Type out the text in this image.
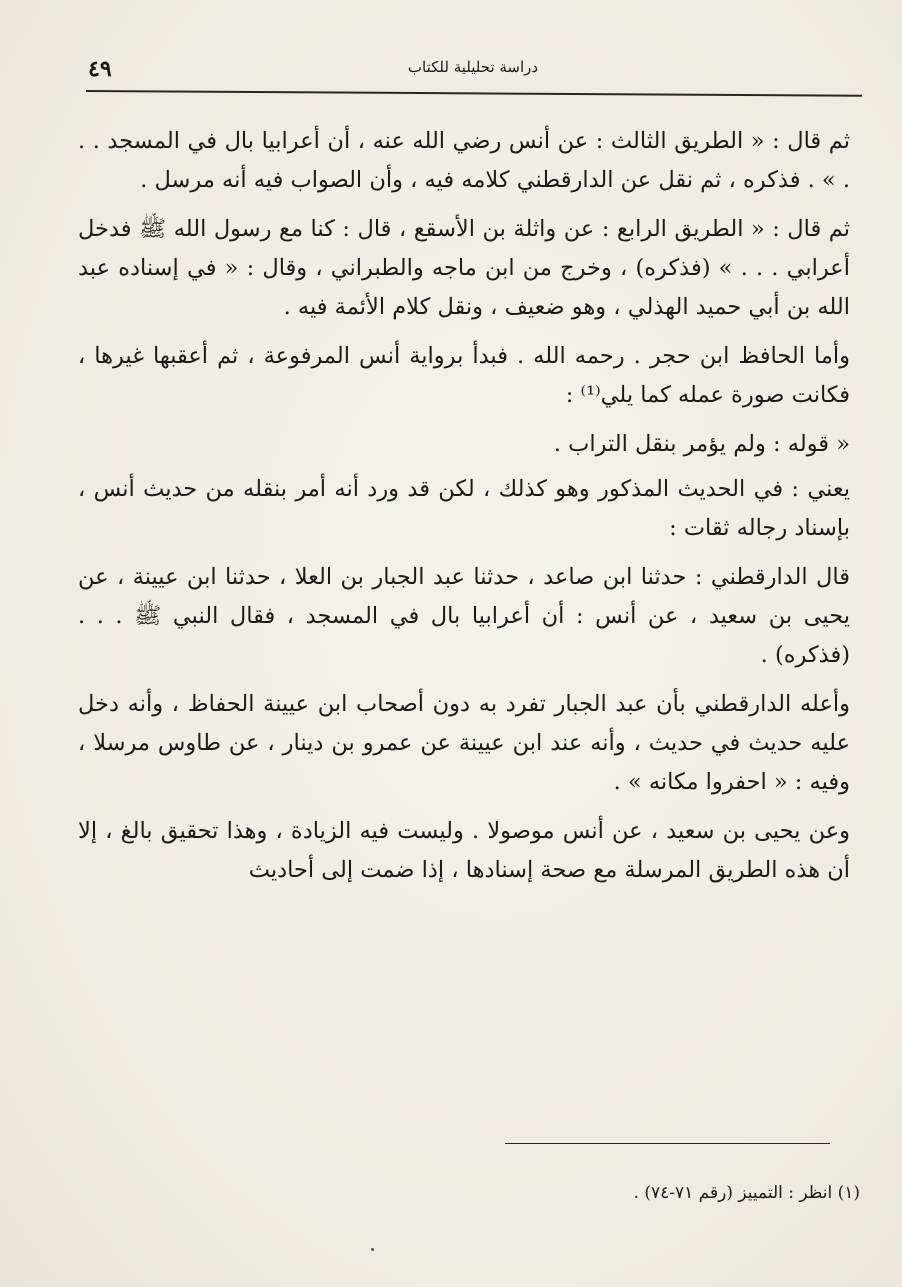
٤٩	دراسة تحليلية للكتاب

ثم قال : « الطريق الثالث : عن أنس رضي الله عنه ، أن أعرابيا بال في المسجد . . . » . فذكره ، ثم نقل عن الدارقطني كلامه فيه ، وأن الصواب فيه أنه مرسل .

ثم قال : « الطريق الرابع : عن واثلة بن الأسقع ، قال : كنا مع رسول الله ﷺ فدخل أعرابي . . . » (فذكره) ، وخرج من ابن ماجه والطبراني ، وقال : « في إسناده عبد الله بن أبي حميد الهذلي ، وهو ضعيف ، ونقل كلام الأئمة فيه .

وأما الحافظ ابن حجر . رحمه الله . فبدأ برواية أنس المرفوعة ، ثم أعقبها غيرها ، فكانت صورة عمله كما يلي⁽¹⁾ :

« قوله : ولم يؤمر بنقل التراب .

يعني : في الحديث المذكور وهو كذلك ، لكن قد ورد أنه أمر بنقله من حديث أنس ، بإسناد رجاله ثقات :

قال الدارقطني : حدثنا ابن صاعد ، حدثنا عبد الجبار بن العلا ، حدثنا ابن عيينة ، عن يحيى بن سعيد ، عن أنس : أن أعرابيا بال في المسجد ، فقال النبي ﷺ . . . (فذكره) .

وأعله الدارقطني بأن عبد الجبار تفرد به دون أصحاب ابن عيينة الحفاظ ، وأنه دخل عليه حديث في حديث ، وأنه عند ابن عيينة عن عمرو بن دينار ، عن طاوس مرسلا ، وفيه : « احفروا مكانه » .

وعن يحيى بن سعيد ، عن أنس موصولا . وليست فيه الزيادة ، وهذا تحقيق بالغ ، إلا أن هذه الطريق المرسلة مع صحة إسنادها ، إذا ضمت إلى أحاديث

(١) انظر : التمييز (رقم ٧١-٧٤) .
